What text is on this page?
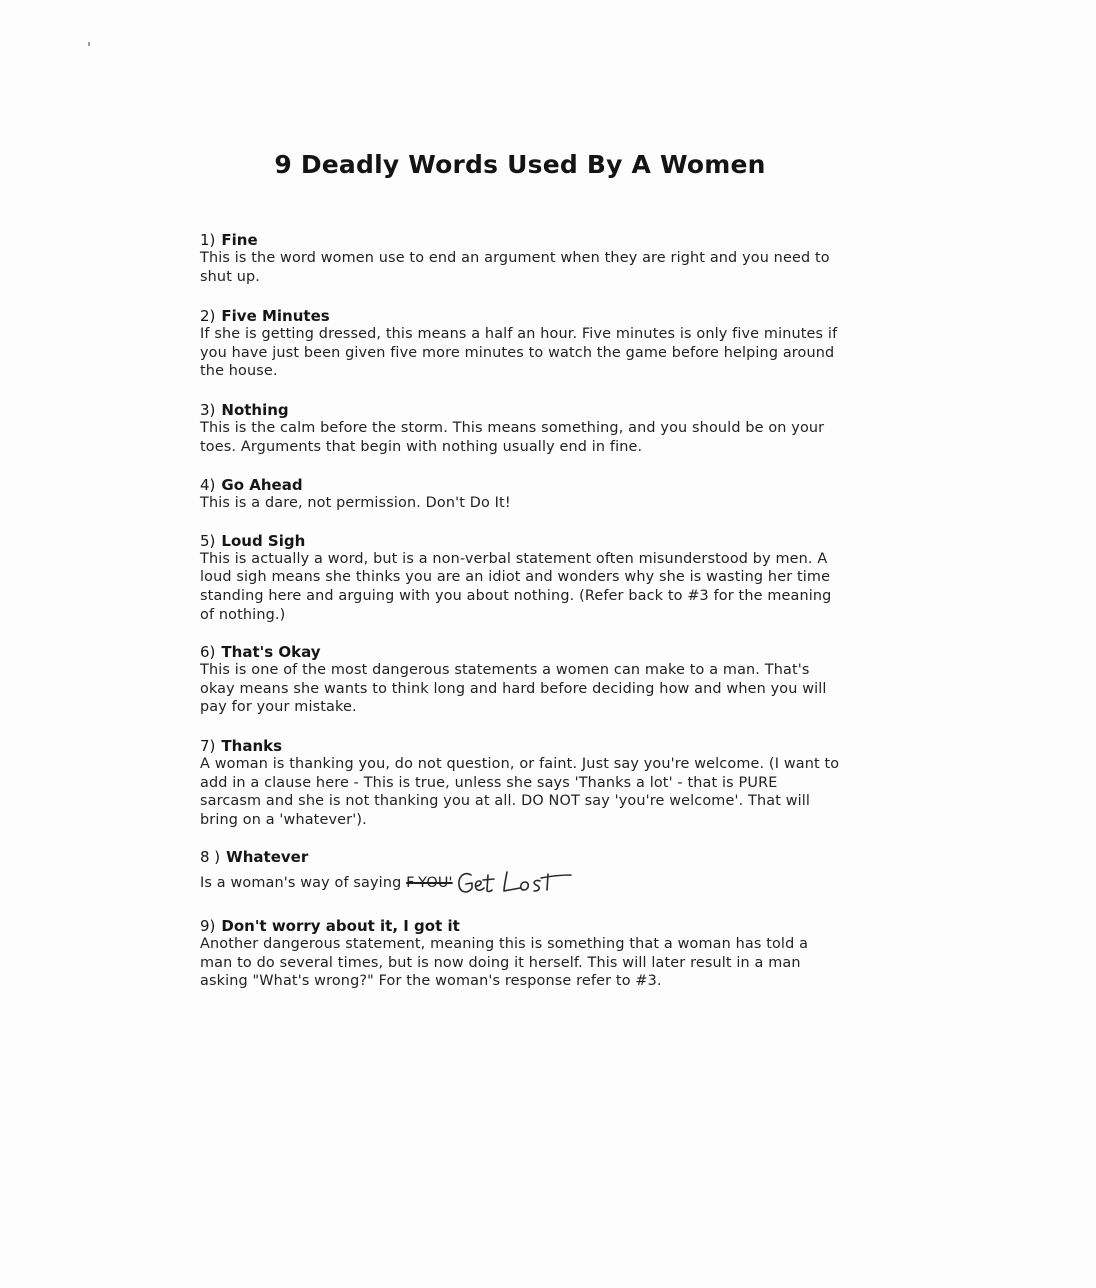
9 Deadly Words Used By A Women
1) Fine
This is the word women use to end an argument when they are right and you need to shut up.
2) Five Minutes
If she is getting dressed, this means a half an hour. Five minutes is only five minutes if you have just been given five more minutes to watch the game before helping around the house.
3) Nothing
This is the calm before the storm. This means something, and you should be on your toes. Arguments that begin with nothing usually end in fine.
4) Go Ahead
This is a dare, not permission. Don't Do It!
5) Loud Sigh
This is actually a word, but is a non-verbal statement often misunderstood by men. A loud sigh means she thinks you are an idiot and wonders why she is wasting her time standing here and arguing with you about nothing. (Refer back to #3 for the meaning of nothing.)
6) That's Okay
This is one of the most dangerous statements a women can make to a man. That's okay means she wants to think long and hard before deciding how and when you will pay for your mistake.
7) Thanks
A woman is thanking you, do not question, or faint. Just say you're welcome. (I want to add in a clause here - This is true, unless she says 'Thanks a lot' - that is PURE sarcasm and she is not thanking you at all. DO NOT say 'you're welcome'. That will bring on a 'whatever').
8 ) Whatever
Is a woman's way of saying F-YOU'
9) Don't worry about it, I got it
Another dangerous statement, meaning this is something that a woman has told a man to do several times, but is now doing it herself. This will later result in a man asking "What's wrong?" For the woman's response refer to #3.
